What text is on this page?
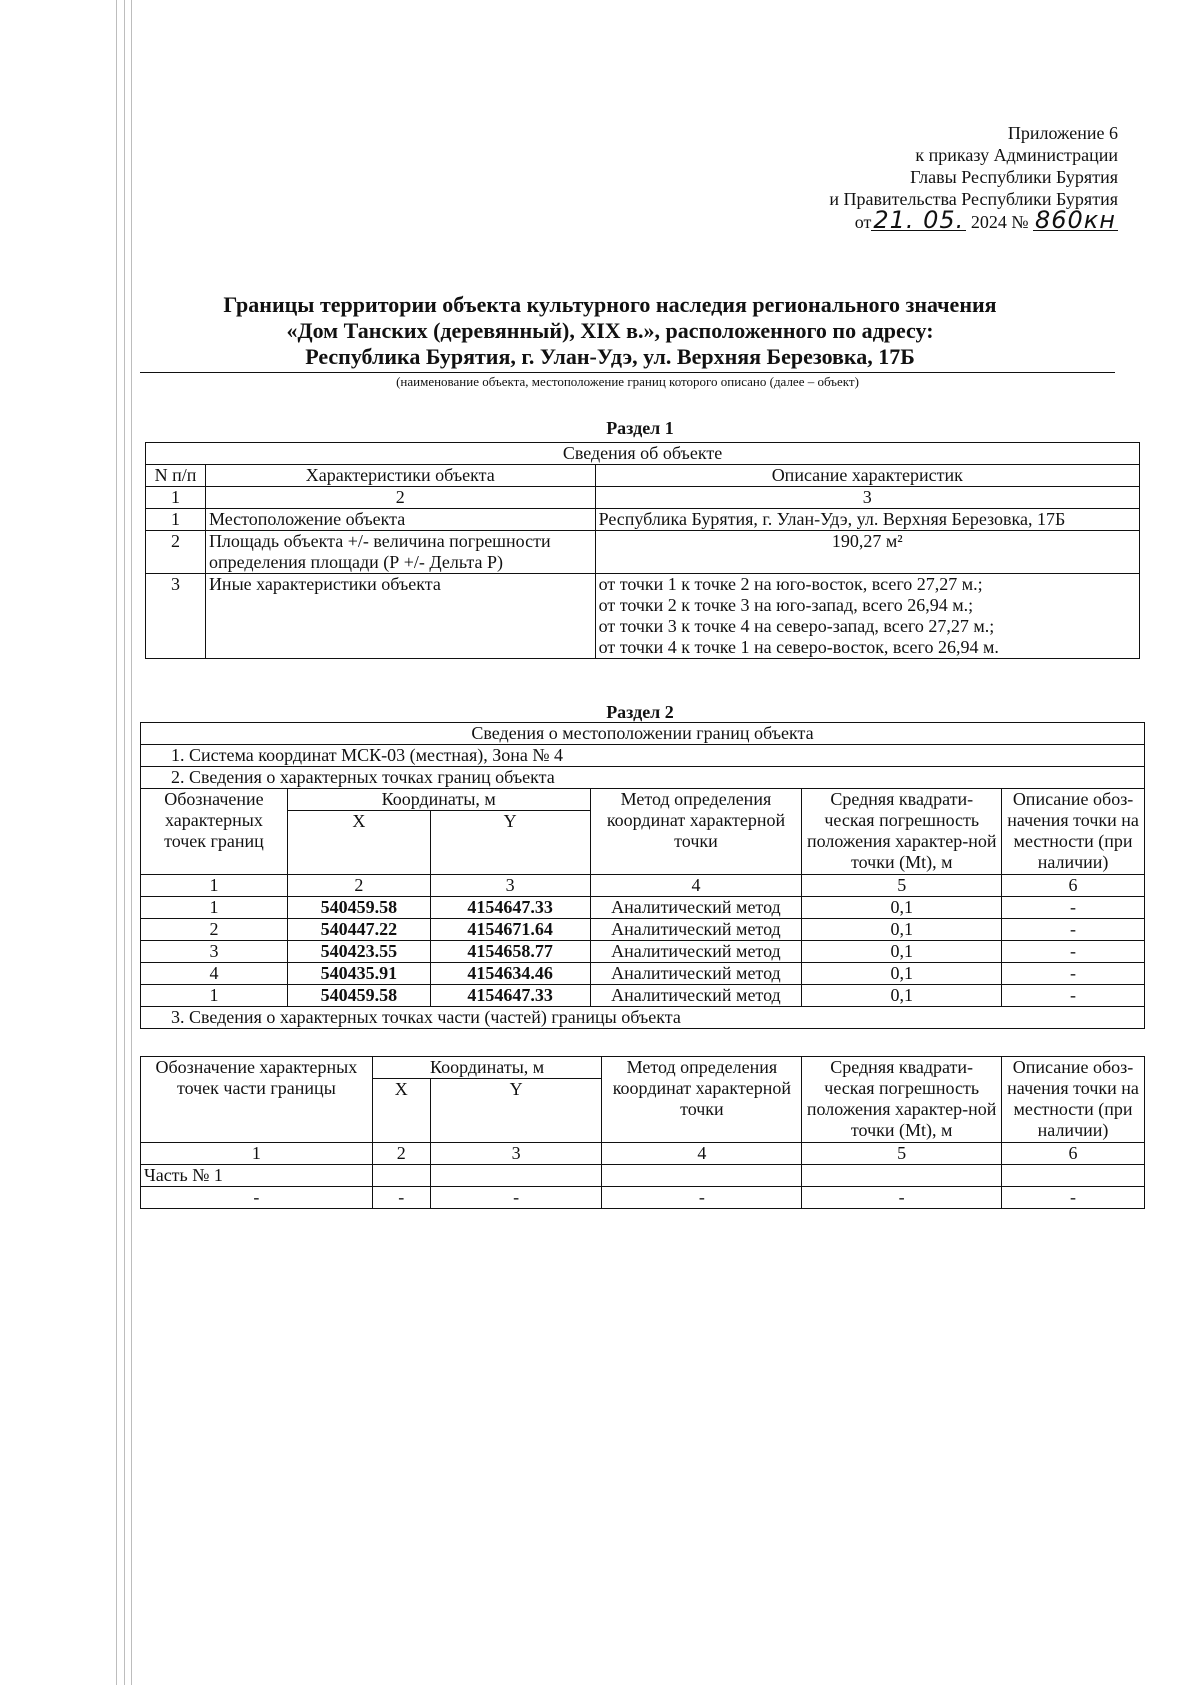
Приложение 6
к приказу Администрации
Главы Республики Бурятия
и Правительства Республики Бурятия
от21. 05. 2024 № 860кн
Границы территории объекта культурного наследия регионального значения
«Дом Танских (деревянный), XIX в.», расположенного по адресу:
Республика Бурятия, г. Улан-Удэ, ул. Верхняя Березовка, 17Б
(наименование объекта, местоположение границ которого описано (далее – объект)
Раздел 1
Сведения об объекте		
N п/п	Характеристики объекта	Описание характеристик
1	2	3
1	Местоположение объекта	Республика Бурятия, г. Улан-Удэ, ул. Верхняя Березовка, 17Б
2	Площадь объекта +/- величина погрешности определения площади (Р +/- Дельта Р)	190,27 м²
3	Иные характеристики объекта	от точки 1 к точке 2 на юго-восток, всего 27,27 м.;
от точки 2 к точке 3 на юго-запад, всего 26,94 м.;
от точки 3 к точке 4 на северо-запад, всего 27,27 м.;
от точки 4 к точке 1 на северо-восток, всего 26,94 м.
Раздел 2
Сведения о местоположении границ объекта					
1. Система координат МСК-03 (местная), Зона № 4					
2. Сведения о характерных точках границ объекта					
Обозначение характерных точек границ	Координаты, м		Метод определения координат характерной точки	Средняя квадрати-ческая погрешность положения характер-ной точки (Mt), м	Описание обоз-начения точки на местности (при наличии)
	X	Y			
1	2	3	4	5	6
1	540459.58	4154647.33	Аналитический метод	0,1	-
2	540447.22	4154671.64	Аналитический метод	0,1	-
3	540423.55	4154658.77	Аналитический метод	0,1	-
4	540435.91	4154634.46	Аналитический метод	0,1	-
1	540459.58	4154647.33	Аналитический метод	0,1	-
3. Сведения о характерных точках части (частей) границы объекта					
Обозначение характерных точек части границы	Координаты, м		Метод определения координат характерной точки	Средняя квадрати-ческая погрешность положения характер-ной точки (Mt), м	Описание обоз-начения точки на местности (при наличии)
	X	Y			
1	2	3	4	5	6
Часть № 1					
-	-	-	-	-	-
